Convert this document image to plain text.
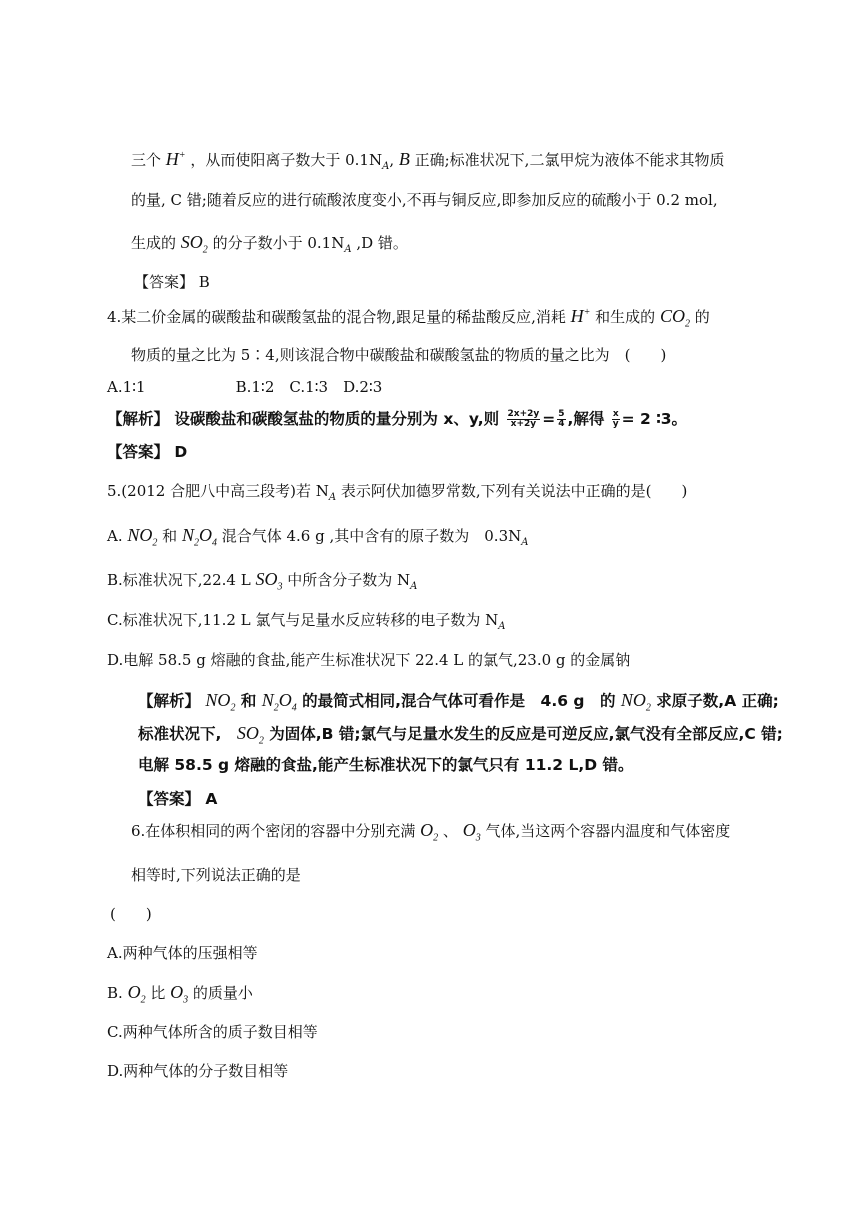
三个 H+ ，从而使阳离子数大于 $0.1N_A$, B 正确;标准状况下,二氯甲烷为液体不能求其物质
的量, C 错;随着反应的进行硫酸浓度变小,不再与铜反应,即参加反应的硫酸小于 0.2 mol,
生成的 $SO_2$ 的分子数小于 $0.1N_A$ ,D 错。
【答案】 B
4.某二价金属的碳酸盐和碳酸氢盐的混合物,跟足量的稀盐酸反应,消耗 H+ 和生成的 $CO_2$ 的
物质的量之比为 5∶4,则该混合物中碳酸盐和碳酸氢盐的物质的量之比为　(　　)
A.1∶1　　　　　　B.1∶2　C.1∶3　D.2∶3
【解析】 设碳酸盐和碳酸氢盐的物质的量分别为 x、y,则 $\frac{2x+2y}{x+2y} = \frac{5}{4}$ ,解得 $\frac{x}{y} = 2$ ∶3。
【答案】 D
5.(2012 合肥八中高三段考)若 $N_A$ 表示阿伏加德罗常数,下列有关说法中正确的是(　　)
A. $NO_2$ 和 $N_2O_4$ 混合气体 4.6 g ,其中含有的原子数为　$0.3N_A$
B.标准状况下,22.4 L $SO_3$ 中所含分子数为 $N_A$
C.标准状况下,11.2 L 氯气与足量水反应转移的电子数为 $N_A$
D.电解 58.5 g 熔融的食盐,能产生标准状况下 22.4 L 的氯气,23.0 g 的金属钠
【解析】 $NO_2$ 和 $N_2O_4$ 的最简式相同,混合气体可看作是　4.6 g　的 $NO_2$ 求原子数,A 正确;
标准状况下,　$SO_2$ 为固体,B 错;氯气与足量水发生的反应是可逆反应,氯气没有全部反应,C 错;
电解 58.5 g 熔融的食盐,能产生标准状况下的氯气只有 11.2 L,D 错。
【答案】 A
6.在体积相同的两个密闭的容器中分别充满 $O_2$ 、 $O_3$ 气体,当这两个容器内温度和气体密度
相等时,下列说法正确的是
(　　)
A.两种气体的压强相等
B. $O_2$ 比 $O_3$ 的质量小
C.两种气体所含的质子数目相等
D.两种气体的分子数目相等
